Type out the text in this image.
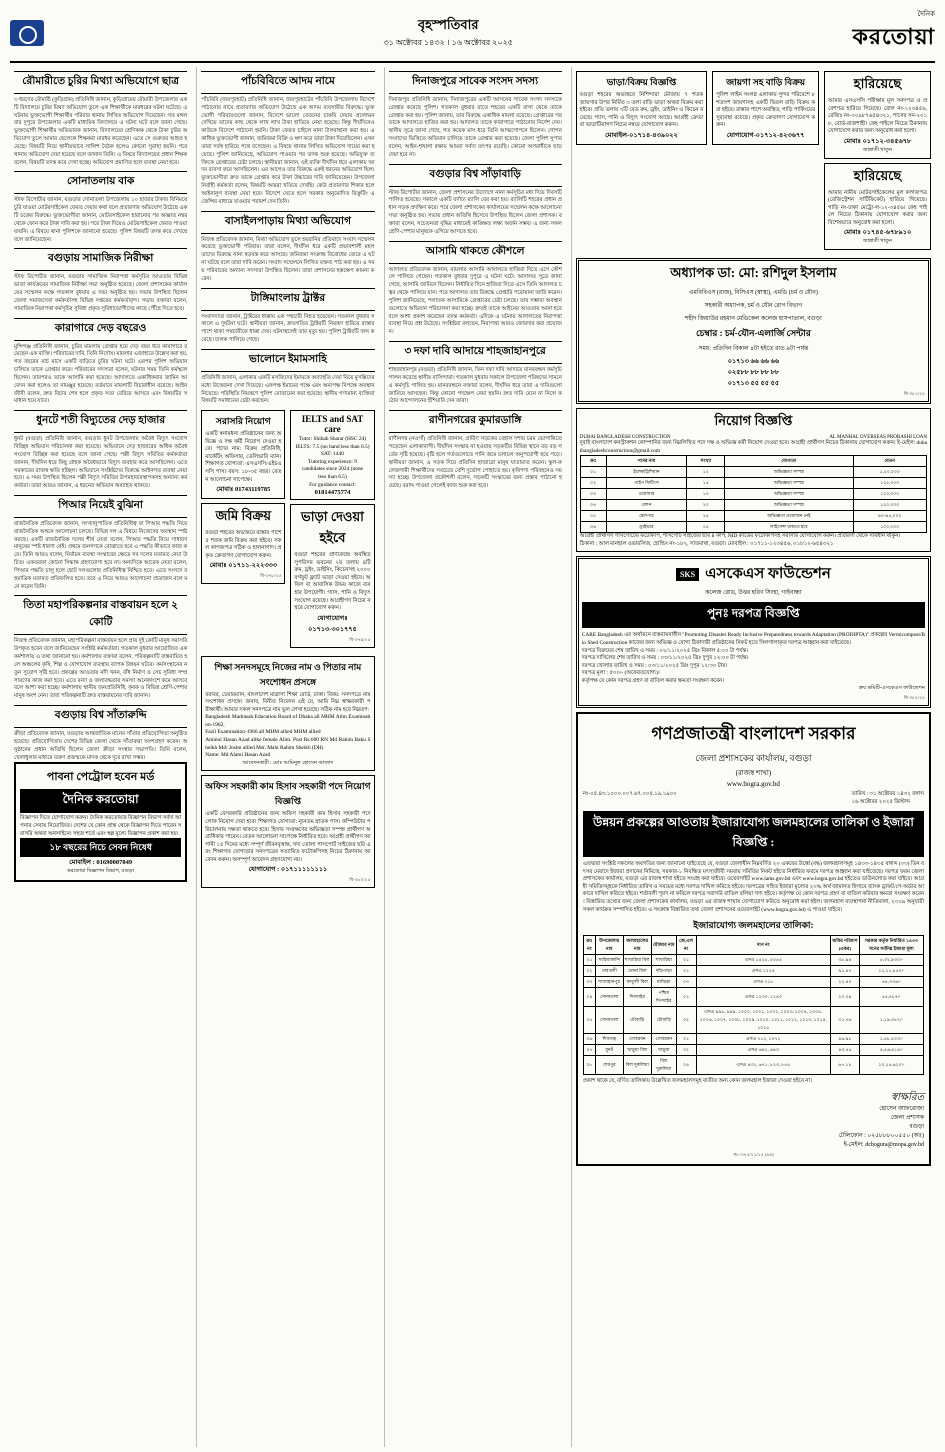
বৃহস্পতিবার
৩১ অক্টোবর ১৪৩২ । ১৬ অক্টোবর ২০২৫
দৈনিক
করতোয়া
রৌমারীতে চুরির মিথ্যা অভিযোগে ছাত্র
৩ ধরণের রৌমারী (কুড়িগ্রাম) প্রতিনিধি জানান, কুড়িগ্রামের রৌমারী উপজেলার একটি বিদ্যালয়ে চুরির মিথ্যা অভিযোগ তুলে এক শিক্ষার্থীকে মারধরের ঘটনা ঘটেছে। এ ঘটনায় ভুক্তভোগী শিক্ষার্থীর পরিবার থানায় লিখিত অভিযোগ দিয়েছেন। গত মঙ্গলবার দুপুরে উপজেলার একটি মাধ্যমিক বিদ্যালয়ে এ ঘটনা ঘটে বলে জানা গেছে। ভুক্তভোগী শিক্ষার্থীর অভিভাবক জানান, বিদ্যালয়ের শ্রেণিকক্ষ থেকে টাকা চুরির অভিযোগ তুলে আমার ছেলেকে শিক্ষকরা মারধর করেছেন। এতে সে গুরুতর আহত হয়েছে। বিষয়টি নিয়ে স্থানীয়ভাবে সালিশ বৈঠক হলেও কোনো সুরাহা হয়নি। পরে থানায় অভিযোগ দেয়া হয়েছে বলে জানান তিনি। এ বিষয়ে বিদ্যালয়ের প্রধান শিক্ষক বলেন, বিষয়টি তদন্ত করে দেখা হচ্ছে। অভিযোগ প্রমাণিত হলে ব্যবস্থা নেয়া হবে।
সোনাতলায় বাক
স্টাফ রিপোর্টার জানান, বগুড়ার সোনাতলা উপজেলায় ১০ হাজার টাকার বিনিময়ে চুরি যাওয়া মোটরসাইকেল ফেরত দেয়ার কথা বলে প্রতারণার অভিযোগ উঠেছে একটি চক্রের বিরুদ্ধে। ভুক্তভোগীরা জানান, মোটরসাইকেল হারানোর পর অজ্ঞাত নম্বর থেকে ফোন করে টাকা দাবি করা হয়। পরে টাকা দিয়েও মোটরসাইকেল ফেরত পাওয়া যায়নি। এ বিষয়ে থানা পুলিশকে জানানো হয়েছে। পুলিশ বিষয়টি তদন্ত করে দেখছে বলে জানিয়েছেন।
বগুড়ায় সামাজিক নিরীক্ষা
স্টাফ রিপোর্টার জানান, বগুড়ায় সামাজিক নিরাপত্তা কর্মসূচির আওতায় বিভিন্ন ভাতা কার্যক্রমের সামাজিক নিরীক্ষা সভা অনুষ্ঠিত হয়েছে। জেলা প্রশাসকের কার্যালয়ের সম্মেলন কক্ষে গতকাল বুধবার এ সভা অনুষ্ঠিত হয়। সভায় উপস্থিত ছিলেন জেলা সমাজসেবা কর্মকর্তাসহ বিভিন্ন দপ্তরের কর্মকর্তাবৃন্দ। সভায় বক্তারা বলেন, সামাজিক নিরাপত্তা কর্মসূচির সুবিধা প্রকৃত সুবিধাভোগীদের কাছে পৌঁছে দিতে হবে।
কারাগারে দেড় বছরেও
মুন্সিগঞ্জ প্রতিনিধি জানান, চুরির মামলায় গ্রেপ্তার হয়ে দেড় বছর ধরে কারাগারে রয়েছেন এক ব্যক্তি। পরিবারের দাবি, তিনি নির্দোষ। মামলার এজাহারে উল্লেখ করা হয়, গত বছরের মার্চ মাসে একটি বাড়িতে চুরির ঘটনা ঘটে। এরপর পুলিশ অভিযান চালিয়ে তাকে গ্রেপ্তার করে। পরিবারের সদস্যরা বলেন, ঘটনার সময় তিনি কর্মস্থলে ছিলেন। তারপরও তাকে আসামি করা হয়েছে। আদালতে একাধিকবার জামিন আবেদন করা হলেও তা নামঞ্জুর হয়েছে। বর্তমানে মামলাটি বিচারাধীন রয়েছে। আইনজীবী বলেন, দ্রুত বিচার শেষ হলে প্রকৃত সত্য বেরিয়ে আসবে এবং বিষয়টির সমাধান হয়ে যাবে।
ধুনটে শতী বিদ্যুতের দেড় হাজার
ধুনট (বগুড়া) প্রতিনিধি জানান, বগুড়ার ধুনট উপজেলায় অবৈধ বিদ্যুৎ সংযোগ বিচ্ছিন্ন অভিযান পরিচালনা করা হয়েছে। অভিযানে দেড় হাজারের অধিক অবৈধ সংযোগ বিচ্ছিন্ন করা হয়েছে বলে জানা গেছে। পল্লী বিদ্যুৎ সমিতির কর্মকর্তারা জানান, দীর্ঘদিন ধরে কিছু গ্রাহক অবৈধভাবে বিদ্যুৎ ব্যবহার করে আসছিলেন। এতে সরকারের রাজস্ব ক্ষতি হচ্ছিল। অভিযানে সংশ্লিষ্টদের বিরুদ্ধে আইনগত ব্যবস্থা নেয়া হবে। এ সময় উপস্থিত ছিলেন পল্লী বিদ্যুৎ সমিতির উপমহাব্যবস্থাপকসহ অন্যান্য কর্মকর্তারা। তারা আরও জানান, এ ধরনের অভিযান অব্যাহত থাকবে।
পিআর নিয়েই বুঝিনা
রাজনৈতিক প্রতিবেদক জানান, সংখ্যানুপাতিক প্রতিনিধিত্ব বা পিআর পদ্ধতি নিয়ে রাজনৈতিক অঙ্গনে আলোচনা চলছে। বিভিন্ন দল এ বিষয়ে নিজেদের অবস্থান স্পষ্ট করছে। একটি রাজনৈতিক দলের শীর্ষ নেতা বলেন, পিআর পদ্ধতি নিয়ে সাধারণ মানুষের স্পষ্ট ধারণা নেই। প্রথমে জনগণকে বোঝাতে হবে এ পদ্ধতি কীভাবে কাজ করে। তিনি আরও বলেন, নির্বাচন ব্যবস্থা সংস্কারের ক্ষেত্রে সব দলের মতামত নেয়া উচিত। একতরফা কোনো সিদ্ধান্ত গ্রহণযোগ্য হবে না। অন্যদিকে আরেক নেতা বলেন, পিআর পদ্ধতি চালু হলে ছোট দলগুলোর প্রতিনিধিত্ব নিশ্চিত হবে। এতে সংসদে বহুমাত্রিক মতামত প্রতিফলিত হবে। তবে এ নিয়ে আরও আলোচনা প্রয়োজন বলে মনে করেন তিনি।
তিতা মহাপরিকল্পনার বাস্তবায়ন হলে ২ কোটি
নিজস্ব প্রতিবেদক জানান, মহাপরিকল্পনা বাস্তবায়ন হলে প্রায় দুই কোটি মানুষ সরাসরি উপকৃত হবেন বলে জানিয়েছেন সংশ্লিষ্ট কর্মকর্তারা। গতকাল বুধবার আয়োজিত এক কর্মশালায় এ তথ্য জানানো হয়। কর্মশালায় বক্তারা বলেন, পরিকল্পনাটি বাস্তবায়িত হলে অঞ্চলের কৃষি, শিল্প ও যোগাযোগ ব্যবস্থায় ব্যাপক উন্নয়ন ঘটবে। কর্মসংস্থানের নতুন সুযোগ সৃষ্টি হবে। প্রকল্পের আওতায় নদী খনন, বাঁধ নির্মাণ ও সেচ সুবিধা সম্প্রসারণের কাজ করা হবে। এতে বন্যা ও জলাবদ্ধতার সমস্যা অনেকাংশে কমে আসবে বলে আশা করা হচ্ছে। কর্মশালায় স্থানীয় জনপ্রতিনিধি, কৃষক ও বিভিন্ন শ্রেণি-পেশার মানুষ অংশ নেন। তারা পরিকল্পনাটি দ্রুত বাস্তবায়নের দাবি জানান।
বগুড়ায় বিশ্ব সাঁতারুদ্দি
ক্রীড়া প্রতিবেদক জানান, বগুড়ায় আন্তর্জাতিক মানের সাঁতার প্রতিযোগিতা অনুষ্ঠিত হয়েছে। প্রতিযোগিতায় দেশের বিভিন্ন জেলা থেকে সাঁতারুরা অংশগ্রহণ করেন। অনুষ্ঠানের প্রধান অতিথি ছিলেন জেলা ক্রীড়া সংস্থার সভাপতি। তিনি বলেন, খেলাধুলার মাধ্যমে তরুণ প্রজন্মকে মাদক থেকে দূরে রাখা সম্ভব।
পাবনা পেট্রোল হবেন মর্ড
দৈনিক করতোয়া
বিজ্ঞাপন দিতে যোগাযোগ করুন। দৈনিক করতোয়ার বিজ্ঞাপন বিভাগ সর্বদা আপনার সেবায় নিয়োজিত। দেশের যে কোন প্রান্ত থেকে বিজ্ঞাপন দিতে পারেন সরাসরি অথবা অনলাইনে। সহজ শর্তে এবং স্বল্প মূল্যে বিজ্ঞাপন প্রকাশ করা হয়।
১৮ বছরের নিচে সেবন নিষেধ
মোবাইল : 01690007049
করতোয়া বিজ্ঞাপন বিভাগ, বগুড়া
পাঁচবিবিতে আদম নামে
পাঁচবিবি (জয়পুরহাট) প্রতিনিধি জানান, জয়পুরহাটের পাঁচবিবি উপজেলায় বিদেশে পাঠানোর নামে প্রতারণার অভিযোগ উঠেছে এক আদম ব্যবসায়ীর বিরুদ্ধে। ভুক্তভোগী পরিবারগুলো জানান, বিদেশে ভালো বেতনের চাকরি দেয়ার প্রলোভন দেখিয়ে তাদের কাছ থেকে লাখ লাখ টাকা হাতিয়ে নেয়া হয়েছে। কিন্তু দীর্ঘদিনেও কাউকে বিদেশে পাঠানো হয়নি। টাকা ফেরত চাইলে নানা টালবাহানা করা হয়। একাধিক ভুক্তভোগী জানান, জমিজমা বিক্রি ও ঋণ করে তারা টাকা দিয়েছিলেন। এখন তারা সর্বস্ব হারিয়ে পথে বসেছেন। এ বিষয়ে থানায় লিখিত অভিযোগ দায়ের করা হয়েছে। পুলিশ জানিয়েছে, অভিযোগ পাওয়ার পর তদন্ত শুরু হয়েছে। অভিযুক্ত ব্যক্তিকে গ্রেপ্তারের চেষ্টা চলছে। স্থানীয়রা জানান, ওই ব্যক্তি দীর্ঘদিন ধরে এলাকায় আদম ব্যবসা করে আসছিলেন। এর আগেও তার বিরুদ্ধে একই ধরনের অভিযোগ ছিল। ভুক্তভোগীরা দ্রুত তাকে গ্রেপ্তার করে টাকা উদ্ধারের দাবি জানিয়েছেন। উপজেলা নির্বাহী কর্মকর্তা বলেন, বিষয়টি আমরা খতিয়ে দেখছি। কেউ প্রতারণার শিকার হলে আইনানুগ ব্যবস্থা নেয়া হবে। বিদেশে যেতে হলে সরকার অনুমোদিত রিক্রুটিং এজেন্সির মাধ্যমে যাওয়ার পরামর্শ দেন তিনি।
বাসাইলপাড়ায় মিথ্যা অভিযোগ
নিজস্ব প্রতিবেদক জানান, মিথ্যা অভিযোগ তুলে হয়রানির প্রতিবাদে সংবাদ সম্মেলন করেছে ভুক্তভোগী পরিবার। তারা বলেন, দীর্ঘদিন ধরে একটি প্রভাবশালী মহল তাদের বিরুদ্ধে নানা ষড়যন্ত্র করে আসছে। জমিজমা সংক্রান্ত বিরোধের জেরে এ ঘটনা ঘটছে বলে তারা দাবি করেন। সংবাদ সম্মেলনে লিখিত বক্তব্য পাঠ করা হয়। এ সময় পরিবারের অন্যান্য সদস্যরা উপস্থিত ছিলেন। তারা প্রশাসনের হস্তক্ষেপ কামনা করেন।
টাঙ্গিমাংলায় ট্রাক্টর
সংবাদদাতা জানান, ট্রাক্টরের ধাক্কায় এক পথচারী নিহত হয়েছেন। গতকাল বুধবার সকালে এ দুর্ঘটনা ঘটে। স্থানীয়রা জানান, দ্রুতগতির ট্রাক্টরটি নিয়ন্ত্রণ হারিয়ে রাস্তার পাশে থাকা পথচারীকে ধাক্কা দেয়। ঘটনাস্থলেই তার মৃত্যু হয়। পুলিশ ট্রাক্টরটি জব্দ করেছে। চালক পালিয়ে গেছে।
ভালোনে ইমামসাহি
প্রতিনিধি জানান, এলাকার একটি মসজিদের ইমামকে অব্যাহতি দেয়া নিয়ে মুসল্লিদের মধ্যে উত্তেজনা দেখা দিয়েছে। একপক্ষ ইমামের পক্ষে এবং অন্যপক্ষ বিপক্ষে অবস্থান নিয়েছে। পরিস্থিতি নিয়ন্ত্রণে পুলিশ মোতায়েন করা হয়েছে। স্থানীয় গণ্যমান্য ব্যক্তিরা বিষয়টি সমাধানের চেষ্টা করছেন।
সরাসরি নিয়োগ
একটি স্বনামধন্য প্রতিষ্ঠানের জন্য অভিজ্ঞ ও দক্ষ কর্মী নিয়োগ দেওয়া হবে। পদের নাম: বিক্রয় প্রতিনিধি, মার্কেটিং অফিসার, ডেলিভারি ম্যান। শিক্ষাগত যোগ্যতা: এসএসসি/এইচএসসি পাস। বয়স: ১৮-৩৫ বছর। বেতন আলোচনা সাপেক্ষে।
মোবাঃ 01743119785
জমি বিক্রয়
বগুড়া শহরের অভ্যন্তরে রাস্তার পাশে ৫ শতক জমি বিক্রয় করা হইবে। সকল কাগজপত্র সঠিক ও হালনাগাদ। প্রকৃত ক্রেতাগণ যোগাযোগ করুন।
মোবাঃ ০১৭১১-২২২৩৩৩
বি-৩৭৮/২৫
IELTS and SAT care
Tutor: Shihab Sharar (HSC 24)
IELTS: 7.5 (no band less than 6.5)
SAT: 1440
Tutoring experience: 9
candidates since 2024 (none
less than 6.5)
For guidance contact:
01814475774
ভাড়া দেওয়া হইবে
বগুড়া শহরের প্রাণকেন্দ্রে অবস্থিত সুপরিসর ভবনের ২য় তলায় ৪টি রুম, ড্রইং, ডাইনিং, কিচেনসহ ২০০০ বর্গফুট ফ্ল্যাট ভাড়া দেওয়া হইবে। অফিস বা আবাসিক উভয় কাজে ব্যবহার উপযোগী। গ্যাস, পানি ও বিদ্যুৎ সংযোগ রয়েছে। আগ্রহীগণ নিচের নম্বরে যোগাযোগ করুন।
যোগাযোগঃ ০১৭১৩-৩০১৭৭৫
বি-৩৭৯/২৫
শিক্ষা সনদসমূহে নিজের নাম ও পিতার নাম সংশোধন প্রসঙ্গে
বরাবর, চেয়ারম্যান, বাংলাদেশ মাদ্রাসা শিক্ষা বোর্ড, ঢাকা। বিষয়: সনদপত্রে নাম সংশোধন প্রসঙ্গে। জনাব, বিনীত নিবেদন এই যে, আমি নিম্ন স্বাক্ষরকারী পরীক্ষার্থী। আমার সকল সনদপত্রে নাম ভুল লেখা হয়েছে। সঠিক নাম হবে নিম্নরূপ:
Bangladesh Madrasah Education Board of Dhaka all MHM Alim Examination-1962,
Fazil Examination-1966 all MHM allied MHM allied
Aminul Hasan Azad alike female Alim. Post Rs.600 RN Md Rahim Baku Sheikh Md/ Josim allied Mst. Mahi Rahim Sheikh (DH)
Name: Md Alami Hasan Azad
আবেদনকারী : মোঃ আমিনুল হোসেন আজাদ
অফিস সহকারী কাম হিসাব সহকারী পদে নিয়োগ বিজ্ঞপ্তি
একটি বেসরকারি প্রতিষ্ঠানের জন্য অফিস সহকারী কাম হিসাব সহকারী পদে লোক নিয়োগ দেয়া হবে। শিক্ষাগত যোগ্যতা: ন্যূনতম স্নাতক পাস। কম্পিউটার পরিচালনায় দক্ষতা থাকতে হবে। হিসাব সংরক্ষণের অভিজ্ঞতা সম্পন্ন প্রার্থীগণ অগ্রাধিকার পাবেন। বেতন আলোচনা সাপেক্ষে নির্ধারিত হবে। আগ্রহী প্রার্থীগণ আগামী ১৫ দিনের মধ্যে সম্পূর্ণ জীবনবৃত্তান্ত, সদ্য তোলা পাসপোর্ট সাইজের ছবি এবং শিক্ষাগত যোগ্যতার সনদপত্রের সত্যায়িত ফটোকপিসহ নিচের ঠিকানায় আবেদন করুন। অসম্পূর্ণ আবেদন গ্রহণযোগ্য নয়।
যোগাযোগ : ০১৭১১১১১১১১
বি-৩৮০/২৫
দিনাজপুরে সাবেক সংসদ সদস্য
দিনাজপুর প্রতিনিধি জানান, দিনাজপুরের একটি আসনের সাবেক সংসদ সদস্যকে গ্রেপ্তার করেছে পুলিশ। গতকাল বুধবার রাতে শহরের একটি বাসা থেকে তাকে গ্রেপ্তার করা হয়। পুলিশ জানায়, তার বিরুদ্ধে একাধিক মামলা রয়েছে। গ্রেপ্তারের পর তাকে আদালতে হাজির করা হয়। আদালত তাকে কারাগারে পাঠানোর নির্দেশ দেন। স্থানীয় সূত্রে জানা গেছে, গত কয়েক মাস ধরে তিনি আত্মগোপনে ছিলেন। গোপন সংবাদের ভিত্তিতে অভিযান চালিয়ে তাকে গ্রেপ্তার করা হয়েছে। জেলা পুলিশ সুপার বলেন, আইন-শৃঙ্খলা রক্ষায় আমরা সর্বদা তৎপর রয়েছি। কোনো অপরাধীকে ছাড় দেয়া হবে না।
বগুড়ার বিশ্ব সাঁড়াবাড়ি
স্টাফ রিপোর্টার জানান, জেলা প্রশাসনের উদ্যোগে নানা কর্মসূচির মধ্য দিয়ে দিবসটি পালিত হয়েছে। সকালে একটি বর্ণাঢ্য র‍্যালি বের করা হয়। র‍্যালিটি শহরের প্রধান প্রধান সড়ক প্রদক্ষিণ করে। পরে জেলা প্রশাসকের কার্যালয়ের সম্মেলন কক্ষে আলোচনা সভা অনুষ্ঠিত হয়। সভায় প্রধান অতিথি হিসেবে উপস্থিত ছিলেন জেলা প্রশাসক। বক্তারা বলেন, সচেতনতা বৃদ্ধির মাধ্যমেই কাঙ্ক্ষিত লক্ষ্য অর্জন সম্ভব। এ জন্য সকল শ্রেণি-পেশার মানুষকে এগিয়ে আসতে হবে।
আসামি থাকতে কৌশলে
আদালত প্রতিবেদক জানান, মামলার আসামি আদালতে হাজিরা দিতে এসে কৌশলে পালিয়ে গেছেন। গতকাল বুধবার দুপুরে এ ঘটনা ঘটে। আদালত সূত্রে জানা গেছে, আসামি জামিনে ছিলেন। নির্ধারিত দিনে হাজিরা দিতে এসে তিনি আদালত চত্বর থেকে পালিয়ে যান। পরে আদালত তার বিরুদ্ধে গ্রেপ্তারি পরোয়ানা জারি করেন। পুলিশ জানিয়েছে, পলাতক আসামিকে গ্রেপ্তারের চেষ্টা চলছে। তার সম্ভাব্য অবস্থানগুলোতে অভিযান পরিচালনা করা হচ্ছে। দ্রুতই তাকে আইনের আওতায় আনা হবে বলে আশা প্রকাশ করেছেন তদন্ত কর্মকর্তা। এদিকে এ ঘটনায় আদালতের নিরাপত্তা ব্যবস্থা নিয়ে প্রশ্ন উঠেছে। সংশ্লিষ্টরা বলছেন, নিরাপত্তা আরও জোরদার করা প্রয়োজন।
৩ দফা দাবি আদায়ে শাহজাহানপুরে
শাহজাহানপুর (বগুড়া) প্রতিনিধি জানান, তিন দফা দাবি আদায়ে মানববন্ধন কর্মসূচি পালন করেছে স্থানীয় বাসিন্দারা। গতকাল বুধবার সকালে উপজেলা পরিষদের সামনে এ কর্মসূচি পালিত হয়। মানববন্ধনে বক্তারা বলেন, দীর্ঘদিন ধরে তারা এ দাবিগুলো জানিয়ে আসছেন। কিন্তু কোনো পদক্ষেপ নেয়া হয়নি। দ্রুত দাবি মেনে না নিলে কঠোর আন্দোলনের হুঁশিয়ারি দেন তারা।
রাণীনগরের কুমারডাঙ্গি
রাণীনগর (নওগাঁ) প্রতিনিধি জানান, গ্রামীণ সড়কের বেহাল দশায় চরম ভোগান্তিতে পড়েছেন এলাকাবাসী। দীর্ঘদিন সংস্কার না হওয়ায় সড়কটির বিভিন্ন স্থানে বড় বড় গর্তের সৃষ্টি হয়েছে। বৃষ্টি হলে গর্তগুলোতে পানি জমে চলাচল অনুপযোগী হয়ে পড়ে। স্থানীয়রা জানান, এ সড়ক দিয়ে প্রতিদিন হাজারো মানুষ যাতায়াত করেন। স্কুল-কলেজগামী শিক্ষার্থীদের সবচেয়ে বেশি দুর্ভোগ পোহাতে হয়। কৃষিপণ্য পরিবহনেও সমস্যা হচ্ছে। উপজেলা প্রকৌশলী বলেন, সড়কটি সংস্কারের জন্য প্রস্তাব পাঠানো হয়েছে। বরাদ্দ পাওয়া গেলেই কাজ শুরু করা হবে।
ভাড়া/বিক্রয় বিজ্ঞপ্তি
বগুড়া শহরের অভ্যন্তরে নিশিন্দারা মৌজায় ৭ শতক জায়গার উপর নির্মিত ৩ তলা বাড়ি ভাড়া অথবা বিক্রয় করা হইবে। প্রতি তলায় ৩টি বেড রুম, ড্রইং, ডাইনিং ও কিচেন রয়েছে। গ্যাস, পানি ও বিদ্যুৎ সংযোগ আছে। আগ্রহী ক্রেতা বা ভাড়াটিয়াগণ নিচের নম্বরে যোগাযোগ করুন।
মোবাইল-০১৭১৪-৪৩৯০২২
জায়গা সহ বাড়ি বিক্রয়
পুলিশ লাইন সংলগ্ন এলাকায় সুন্দর পরিবেশে ৮ শতাংশ জায়গাসহ একটি দ্বিতল বাড়ি বিক্রয় করা হইবে। রাস্তার পাশে অবস্থিত, গাড়ি পার্কিংয়ের সুব্যবস্থা রয়েছে। প্রকৃত ক্রেতাগণ যোগাযোগ করুন।
যোগাযোগ-০১৭১২-৪২৩৬৭৭
হারিয়েছে
আমার এসএসসি পরীক্ষার মূল সনদপত্র ও প্রবেশপত্র হারিয়ে গিয়েছে। রোল নং-১২৩৪৫৬, রেজিঃ নং-০০৯৮৭৬৫৪৩২১, পাসের সন-২০১৮, বোর্ড-রাজশাহী। কেহ পাইলে নিচের ঠিকানায় যোগাযোগ করার জন্য অনুরোধ করা হলো।
মোবাঃ ০১৭১২-৩৪৫৬৭৮
জান্নাতী খাতুন
হারিয়েছে
আমার নামীয় মোটরসাইকেলের মূল কাগজপত্র (রেজিস্ট্রেশন সার্টিফিকেট) হারিয়ে গিয়েছে। গাড়ি নং-ঢাকা মেট্রো-ল-১২-৩৪৫৬। কেহ পাইলে নিচের ঠিকানায় যোগাযোগ করার জন্য বিশেষভাবে অনুরোধ করা হলো।
মোবাঃ ০১৭৪৫-৬৭৮৯১০
জান্নাতী খাতুন
অধ্যাপক ডা: মো: রশিদুল ইসলাম
এমবিবিএস (রাজ), বিসিএস (স্বাস্থ্য), এমডি (চর্ম ও যৌন)
সহকারী অধ্যাপক, চর্ম ও যৌন রোগ বিভাগ
শহীদ জিয়াউর রহমান মেডিকেল কলেজ হাসপাতাল, বগুড়া
চেম্বার : চর্ম-যৌন-এলার্জি সেন্টার
সময়: প্রতিদিন বিকাল ৪টা হইতে রাত ৯টা পর্যন্ত
০১৭১৩ ৬৬ ৬৬ ৬৬
০২৫৮৮ ৮৮ ৮৮ ৮৮
০১৭১৩ ৫৫ ৫৫ ৫৫
বি-৩৮১/২৫
নিয়োগ বিজ্ঞপ্তি
DUBAI BANGLADESH CONSTRUCTION	AL MANHAL OVERSEAS PROBASHI LOAN
দুবাই বাংলাদেশ কনস্ট্রাকশন কোম্পানির জন্য নিম্নলিখিত পদে দক্ষ ও অভিজ্ঞ কর্মী নিয়োগ দেওয়া হবে। আগ্রহী প্রার্থীগণ নিচের ঠিকানায় যোগাযোগ করুন। ই-মেইল: dubaibangladeshconstruction@gmail.com
ক্রঃ	পদের নাম	সংখ্যা	যোগ্যতা	বেতন
০১	ইলেকট্রিশিয়ান	১২	অভিজ্ঞতা সম্পন্ন	১,২০,০০০
০২	পাইপ ফিটিংস	১৫	অভিজ্ঞতা সম্পন্ন	১২৫,০০০
০৩	ওয়েল্ডার	১০	অভিজ্ঞতা সম্পন্ন	১২০,০০০
০৪	মেশন	২০	অভিজ্ঞতা সম্পন্ন	১২০,০০০
০৫	হেলপার	২৫	অভিজ্ঞতা প্রয়োজন নেই	৯০-৯৫,০০০
০৬	ড্রাইভার	০৫	লাইসেন্স থাকতে হবে	১০০,০০০
আগ্রহী প্রার্থীগণ পাসপোর্টের ফটোকপি, পাসপোর্ট সাইজের ছবি ৪ কপি, NID কার্ডের ফটোকপিসহ সরাসরি যোগাযোগ করুন। প্রতারণা থেকে সাবধান থাকুন।
ঠিকানা : আল মানহাল ওভারসিজ, হোল্ডিং নং-১৮২, সাতমাথা, বগুড়া। মোবাইল : ০১৭১১-১২৩৪৫৬, ০১৮১২-৬৫৪৩২১
SKS এসকেএস ফাউন্ডেশন
কলেজ রোড, উত্তর হরিণ সিংহা, গাইবান্ধা
পুনঃ দরপত্র বিজ্ঞপ্তি
CARE Bangladesh এর অর্থায়নে বাস্তবায়নাধীন "Promoting Disaster Ready Inclusive Preparedness towards Adaptation (PRODIPTA)" প্রকল্পের Vermicompost/Bio Shed Construction কাজের জন্য অভিজ্ঞ ও যোগ্য ঠিকাদারী প্রতিষ্ঠানের নিকট হতে সিলগালাকৃত দরপত্র আহ্বান করা যাইতেছে।
দরপত্র বিক্রয়ের শেষ তারিখ ও সময় : ০২/১১/২০২৫ খ্রিঃ বিকাল ৫:০০ টা পর্যন্ত।
দরপত্র দাখিলের শেষ তারিখ ও সময় : ০৩/১১/২০২৫ খ্রিঃ দুপুর ১২:০০ টা পর্যন্ত।
দরপত্র খোলার তারিখ ও সময় : ০৩/১১/২০২৫ খ্রিঃ দুপুর ১২:৩০ টায়।
দরপত্র মূল্য : ৫০০/- (অফেরতযোগ্য)।
কর্তৃপক্ষ যে কোন দরপত্র গ্রহণ বা বাতিল করার ক্ষমতা সংরক্ষণ করেন।
ক্রয় কমিটি-এসকেএস ফাউন্ডেশন
বি-৩৮২/২৫
গণপ্রজাতন্ত্রী বাংলাদেশ সরকার
জেলা প্রশাসকের কার্যালয়, বগুড়া
(রাজস্ব শাখা)
www.bogra.gov.bd
নং-০৫.৪৩.১০০০.০০৭.৬৭.০০৫.১৯.১৯০০	তারিখ : ৩১ অক্টোবর ১৪৩২ বঙ্গাব্দ
১৬ অক্টোবর ২০২৫ খ্রিস্টাব্দ
উন্নয়ন প্রকল্পের আওতায় ইজারাযোগ্য জলমহালের তালিকা ও ইজারা বিজ্ঞপ্তি :
এতদ্বারা সংশ্লিষ্ট সকলের অবগতির জন্য জানানো যাইতেছে যে, বগুড়া জেলাধীন নিম্নবর্ণিত ২০ একরের উর্ধ্বে (বদ্ধ) জলমহালসমূহ ১৪৩৩-১৪৩৫ বঙ্গাব্দ (০৩) তিন বৎসর মেয়াদে ইজারা প্রদানের নিমিত্তে, সরকার-১ নিবন্ধিত মৎস্যজীবী সমবায় সমিতির নিকট হইতে নির্ধারিত ফরমে দরপত্র আহ্বান করা যাইতেছে। দরপত্র ফরম জেলা প্রশাসকের কার্যালয়, বগুড়া এর রাজস্ব শাখা হইতে সংগ্রহ করা যাইবে। ওয়েবসাইট www.lams.gov.bd এবং www.bogra.gov.bd হইতেও ডাউনলোড করা যাইবে। আগ্রহী সমিতিসমূহকে নির্ধারিত তারিখ ও সময়ের মধ্যে দরপত্র দাখিল করিতে হইবে। দরপত্রের সহিত ইজারা মূল্যের ২০% অর্থ জামানত হিসাবে ব্যাংক ড্রাফট/পে-অর্ডার আকারে দাখিল করিতে হইবে। শর্তাবলী পূরণ না করিলে দরপত্র সরাসরি বাতিল বলিয়া গণ্য হইবে। কর্তৃপক্ষ যে কোন দরপত্র গ্রহণ বা বাতিল করিবার ক্ষমতা সংরক্ষণ করেন। বিস্তারিত তথ্যের জন্য জেলা প্রশাসকের কার্যালয়, বগুড়া এর রাজস্ব শাখায় যোগাযোগ করিতে অনুরোধ করা হইল। জলমহাল ব্যবস্থাপনা নীতিমালা, ২০০৯ অনুযায়ী সকল কার্যক্রম সম্পাদিত হইবে। এ সংক্রান্ত বিস্তারিত তথ্য জেলা প্রশাসনের ওয়েবসাইট (www.bogra.gov.bd) এ পাওয়া যাইবে।
ইজারাযোগ্য জলমহালের তালিকা:
ক্রঃ নং	উপজেলার নাম	জলমহালের নাম	মৌজার নাম	জে,এল নং	দাগ নং	জমির পরিমাণ (একর)	সরকার কর্তৃক নির্ধারিত ১৪৩৩ সনের সর্বনিম্ন ইজারা মূল্য
০১	সারিয়াকান্দি	শাখারিয়া বিল	শাখারিয়া	০১	এসএ ১৪২৮, ৫০৫৫	৩৮.৯৪	৫,৩২,৯৩০/-
০২	গাবতলী	ঘোনা বিল	দড়িপাড়া	০১	এসএ ১২২৪	৯১.৪৭	১২,১১,৪৫০/-
০৩	শাজাহানপুর	কাতুলী বিল	মাঝিড়া	০৩	এসএ ৩১৮	২২.৪০	৪৪,৩৩৬/-
০৪	সোনাতলা	দিগদাইর	পশ্চিম দিগদাইর	০১	এসএ ১২৩০, ১২৪০	২০.০৯	৫৫,৫৮৭/-
০৫	সোনাতলা	চৌবাড়ি	চৌবাড়ি	০২	এসএ ৯৯৮, ৯৯৯, ১০০০, ১০০১, ১০০২, ১০০৩, ১০০৪, ১০০৫, ১০০৬, ১০০৭, ১০০৮, ১০০৯, ১০১০, ১০১১, ১০১২, ১০১৩, ১০১৪, ১০১৫	৩১.৭৬	১,১৯,৩৫২/-
০৬	শিবগঞ্জ	গোবরধন	গোবরধন	০১	এসএ ৭১২, ১০৭২	৪৬.৯৮	১,৪৮,৫০৩/-
০৭	ধুনট	খাড়ুয়া বিল	খাড়ুয়া	০২	এসএ ৬৯২, ৬৯৩	৪৩.৫৫	৪,৫৬,৪১৪/-
০৮	শেরপুর	বিল দুরুলিয়া	বিল দুরুলিয়া	০৪	এসএ ৪৩২, ৬৭১, ৮২৩, ৮৫৫	৬৭.১৮	১০,২৫,৬২০/-
প্রকাশ থাকে যে, বর্ণিত তালিকায় উল্লেখিত জলমহালসমূহ ব্যতীত অন্য কোন জলমহাল ইজারা দেওয়া হইবে না।
স্বাক্ষরিত
হোসেন আফরোজা
জেলা প্রশাসক
বগুড়া
টেলিফোন : ০২৫৮৮৮০০৫৫০ (অঃ)
ই-মেইল: dcbogura@mopa.gov.bd
স৮-৩৭৫/২১/১৫ (৪৪)
